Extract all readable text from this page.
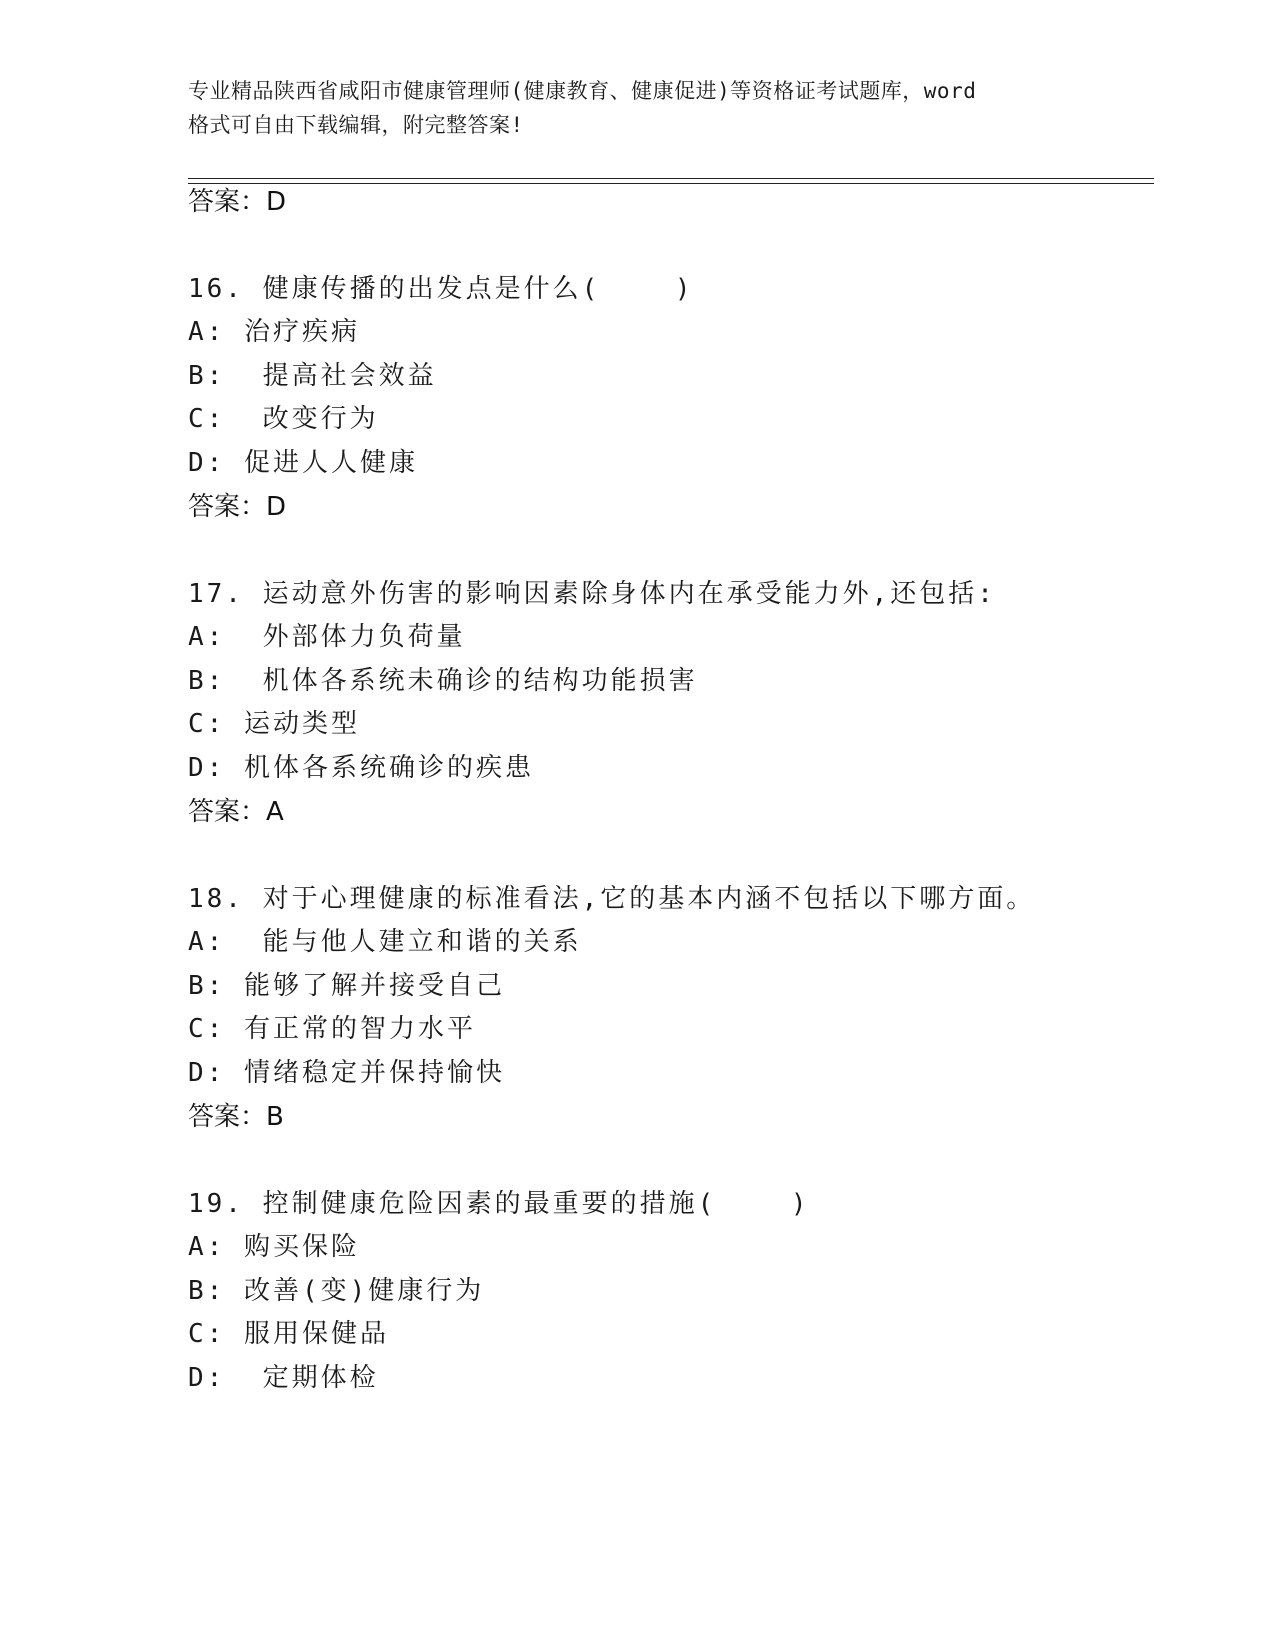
专业精品陕西省咸阳市健康管理师(健康教育、健康促进)等资格证考试题库，word
格式可自由下载编辑，附完整答案!
答案：D
16. 健康传播的出发点是什么(    )
A: 治疗疾病
B:  提高社会效益
C:  改变行为
D: 促进人人健康
答案：D
17. 运动意外伤害的影响因素除身体内在承受能力外,还包括:
A:  外部体力负荷量
B:  机体各系统未确诊的结构功能损害
C: 运动类型
D: 机体各系统确诊的疾患
答案：A
18. 对于心理健康的标准看法,它的基本内涵不包括以下哪方面。
A:  能与他人建立和谐的关系
B: 能够了解并接受自己
C: 有正常的智力水平
D: 情绪稳定并保持愉快
答案：B
19. 控制健康危险因素的最重要的措施(    )
A: 购买保险
B: 改善(变)健康行为
C: 服用保健品
D:  定期体检
